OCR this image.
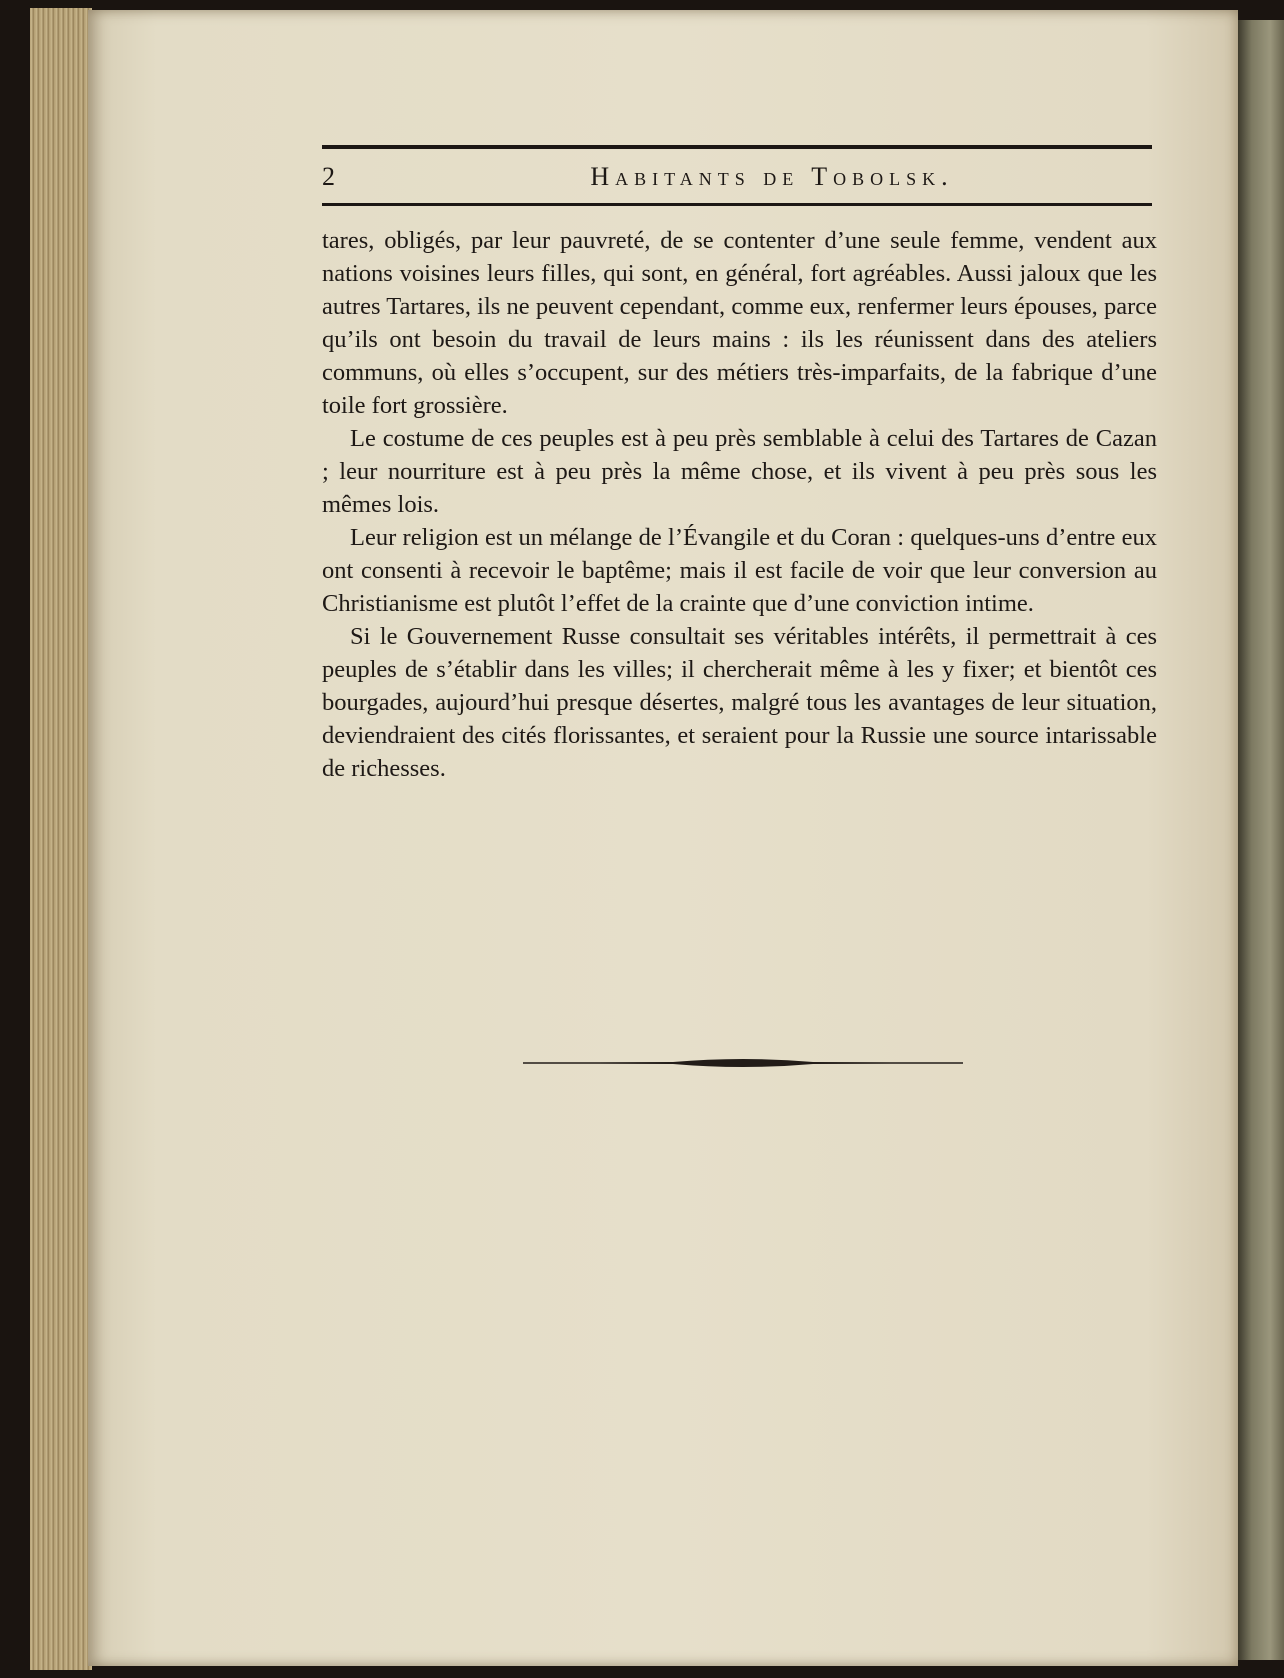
2	Habitants de Tobolsk.

tares, obligés, par leur pauvreté, de se contenter d’une seule femme, vendent aux nations voisines leurs filles, qui sont, en général, fort agréables. Aussi jaloux que les autres Tartares, ils ne peuvent cependant, comme eux, renfermer leurs épouses, parce qu’ils ont besoin du travail de leurs mains : ils les réunissent dans des ateliers communs, où elles s’occupent, sur des métiers très-imparfaits, de la fabrique d’une toile fort grossière.

Le costume de ces peuples est à peu près semblable à celui des Tartares de Cazan ; leur nourriture est à peu près la même chose, et ils vivent à peu près sous les mêmes lois.

Leur religion est un mélange de l’Évangile et du Coran : quelques-uns d’entre eux ont consenti à recevoir le baptême; mais il est facile de voir que leur conversion au Christianisme est plutôt l’effet de la crainte que d’une conviction intime.

Si le Gouvernement Russe consultait ses véritables intérêts, il permettrait à ces peuples de s’établir dans les villes; il chercherait même à les y fixer; et bientôt ces bourgades, aujourd’hui presque désertes, malgré tous les avantages de leur situation, deviendraient des cités florissantes, et seraient pour la Russie une source intarissable de richesses.
